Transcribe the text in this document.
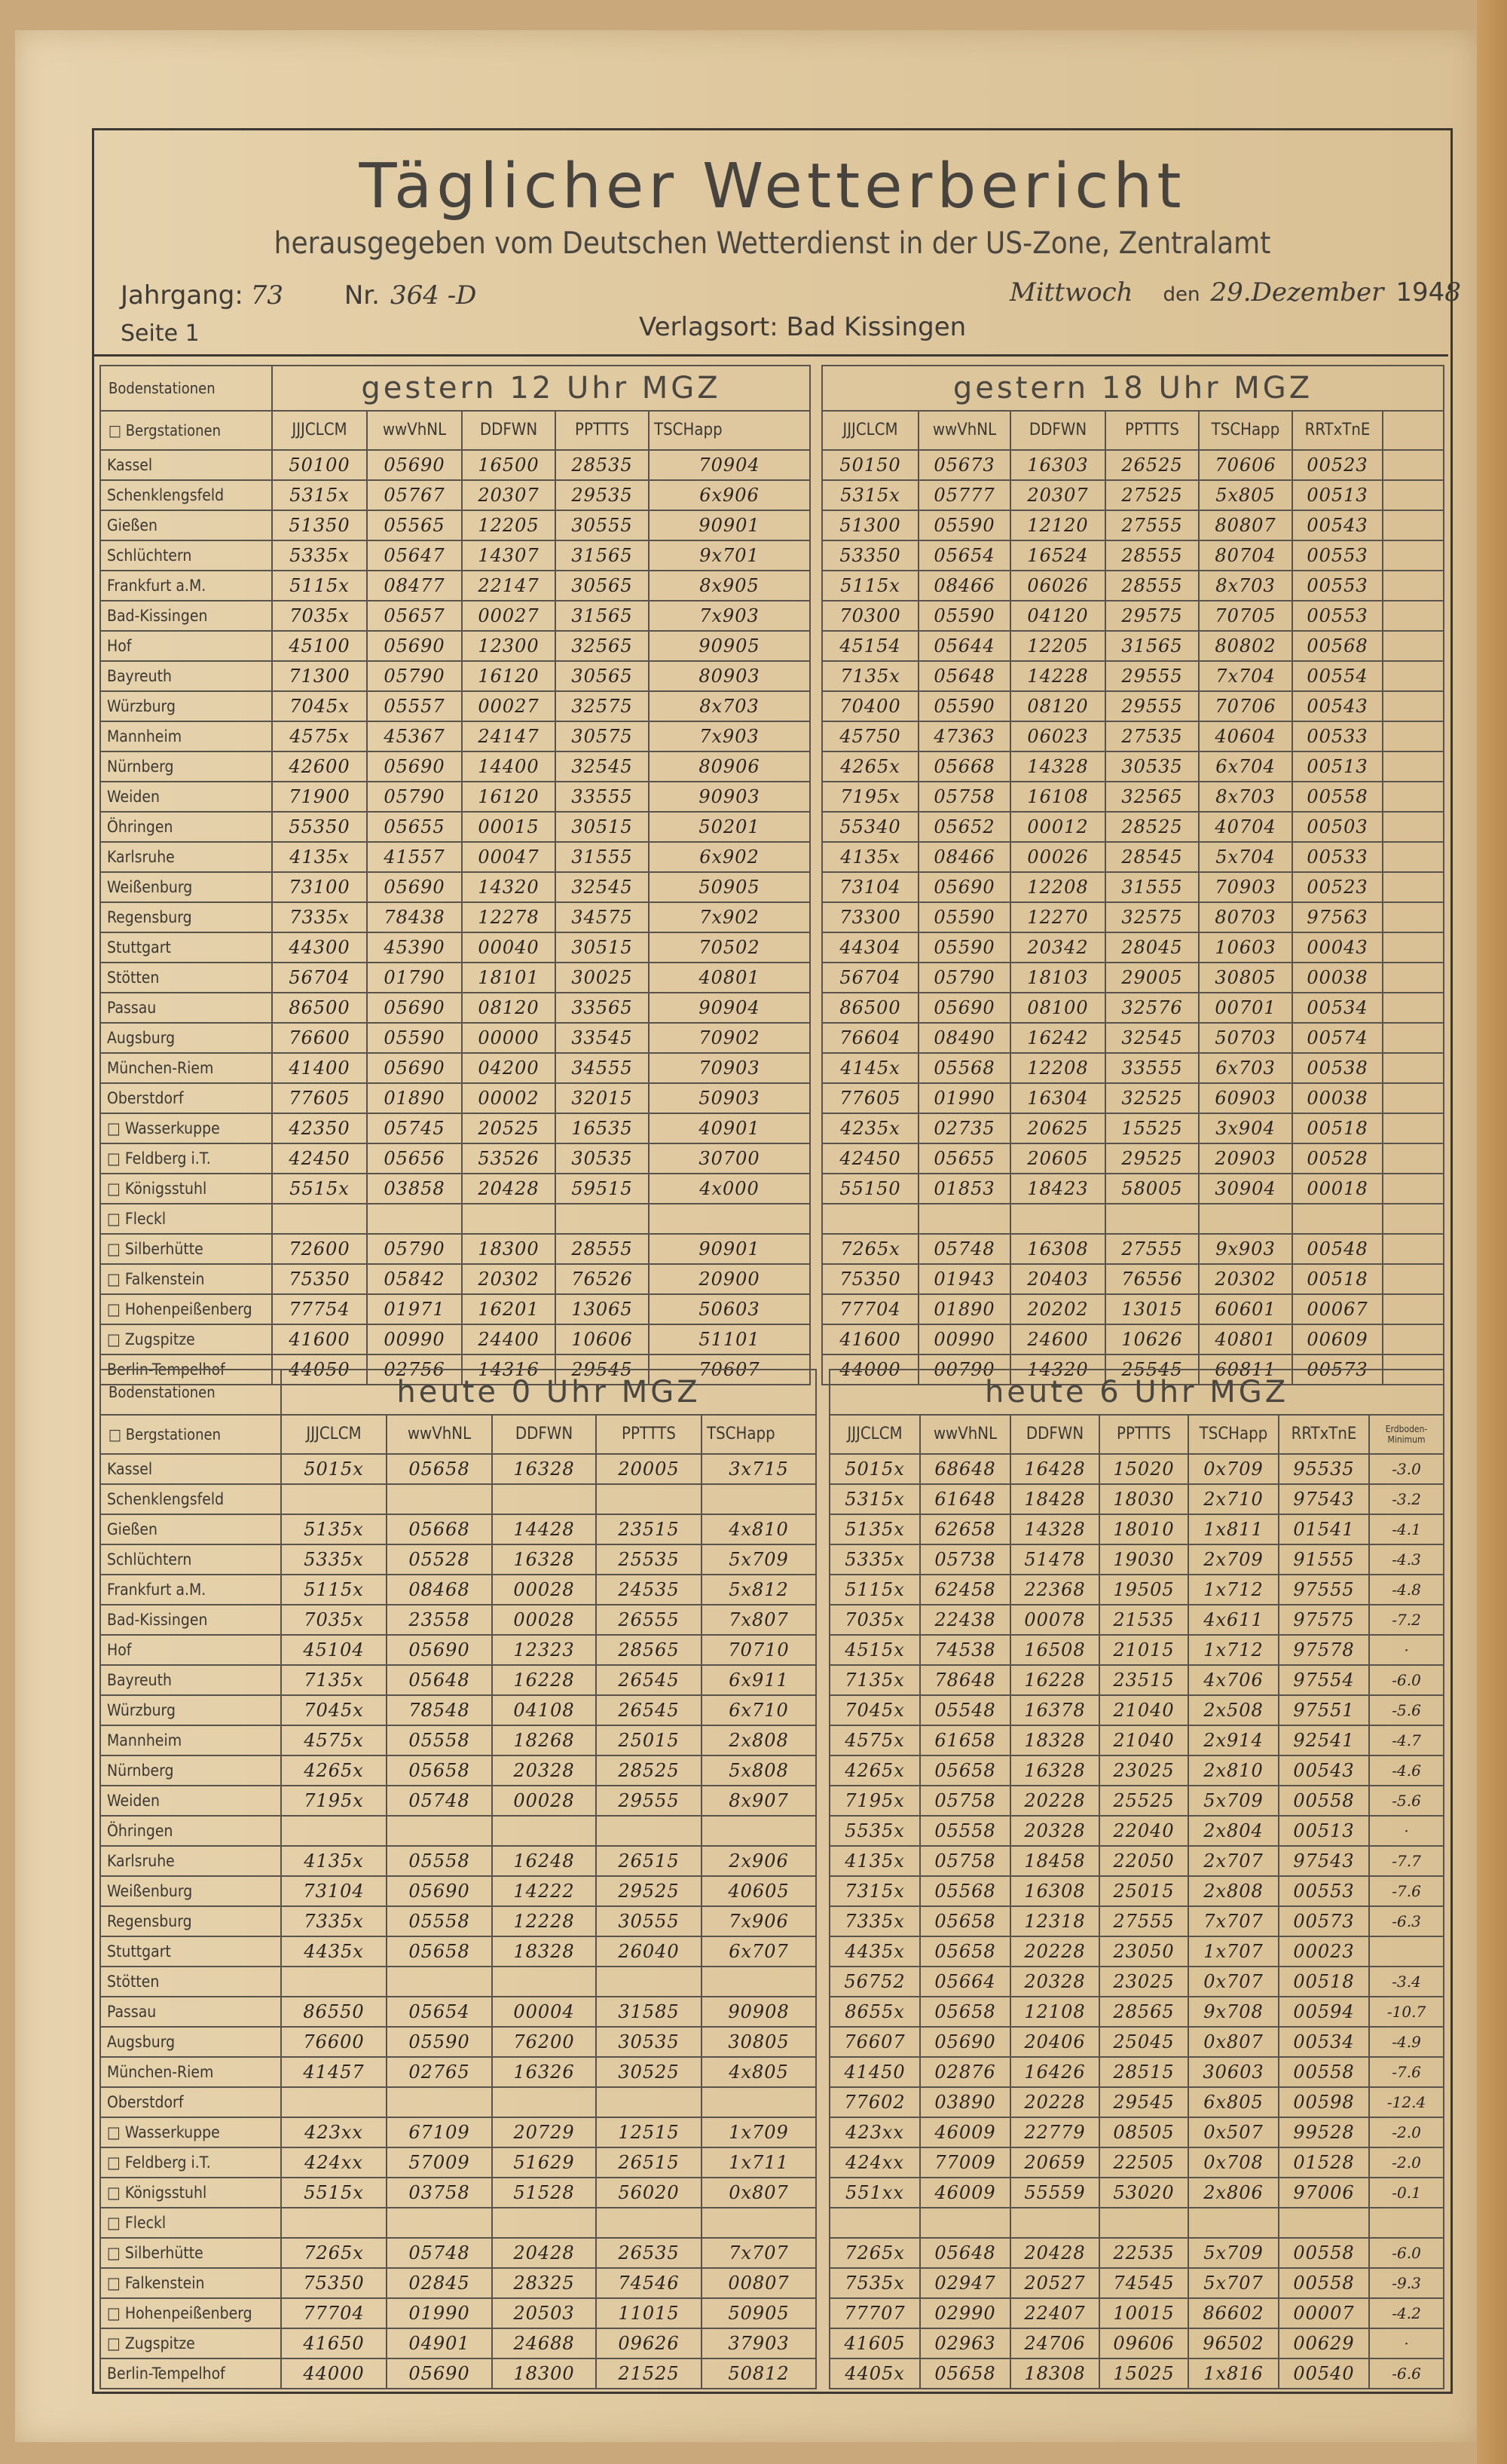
Täglicher Wetterbericht
herausgegeben vom Deutschen Wetterdienst in der US-Zone, Zentralamt
Jahrgang: 73 Nr. 364 -D	Mittwoch den 29.Dezember 1948
Seite 1	Verlagsort: Bad Kissingen
Bodenstationen	gestern 12 Uhr MGZ					
□ Bergstationen	JJJCLCM	wwVhNL	DDFWN	PPTTTS	TSCHapp	
Kassel	50100	05690	16500	28535	70904	
Schenklengsfeld	5315x	05767	20307	29535	6x906	
Gießen	51350	05565	12205	30555	90901	
Schlüchtern	5335x	05647	14307	31565	9x701	
Frankfurt a.M.	5115x	08477	22147	30565	8x905	
Bad-Kissingen	7035x	05657	00027	31565	7x903	
Hof	45100	05690	12300	32565	90905	
Bayreuth	71300	05790	16120	30565	80903	
Würzburg	7045x	05557	00027	32575	8x703	
Mannheim	4575x	45367	24147	30575	7x903	
Nürnberg	42600	05690	14400	32545	80906	
Weiden	71900	05790	16120	33555	90903	
Öhringen	55350	05655	00015	30515	50201	
Karlsruhe	4135x	41557	00047	31555	6x902	
Weißenburg	73100	05690	14320	32545	50905	
Regensburg	7335x	78438	12278	34575	7x902	
Stuttgart	44300	45390	00040	30515	70502	
Stötten	56704	01790	18101	30025	40801	
Passau	86500	05690	08120	33565	90904	
Augsburg	76600	05590	00000	33545	70902	
München-Riem	41400	05690	04200	34555	70903	
Oberstdorf	77605	01890	00002	32015	50903	
□ Wasserkuppe	42350	05745	20525	16535	40901	
□ Feldberg i.T.	42450	05656	53526	30535	30700	
□ Königsstuhl	5515x	03858	20428	59515	4x000	
□ Fleckl						
□ Silberhütte	72600	05790	18300	28555	90901	
□ Falkenstein	75350	05842	20302	76526	20900	
□ Hohenpeißenberg	77754	01971	16201	13065	50603	
□ Zugspitze	41600	00990	24400	10606	51101	
Berlin-Tempelhof	44050	02756	14316	29545	70607	
gestern 18 Uhr MGZ						
JJJCLCM	wwVhNL	DDFWN	PPTTTS	TSCHapp	RRTxTnE	
50150	05673	16303	26525	70606	00523	
5315x	05777	20307	27525	5x805	00513	
51300	05590	12120	27555	80807	00543	
53350	05654	16524	28555	80704	00553	
5115x	08466	06026	28555	8x703	00553	
70300	05590	04120	29575	70705	00553	
45154	05644	12205	31565	80802	00568	
7135x	05648	14228	29555	7x704	00554	
70400	05590	08120	29555	70706	00543	
45750	47363	06023	27535	40604	00533	
4265x	05668	14328	30535	6x704	00513	
7195x	05758	16108	32565	8x703	00558	
55340	05652	00012	28525	40704	00503	
4135x	08466	00026	28545	5x704	00533	
73104	05690	12208	31555	70903	00523	
73300	05590	12270	32575	80703	97563	
44304	05590	20342	28045	10603	00043	
56704	05790	18103	29005	30805	00038	
86500	05690	08100	32576	00701	00534	
76604	08490	16242	32545	50703	00574	
4145x	05568	12208	33555	6x703	00538	
77605	01990	16304	32525	60903	00038	
4235x	02735	20625	15525	3x904	00518	
42450	05655	20605	29525	20903	00528	
55150	01853	18423	58005	30904	00018	

7265x	05748	16308	27555	9x903	00548	
75350	01943	20403	76556	20302	00518	
77704	01890	20202	13015	60601	00067	
41600	00990	24600	10626	40801	00609	
44000	00790	14320	25545	60811	00573	
Bodenstationen	heute 0 Uhr MGZ					
□ Bergstationen	JJJCLCM	wwVhNL	DDFWN	PPTTTS	TSCHapp	
Kassel	5015x	05658	16328	20005	3x715	
Schenklengsfeld						
Gießen	5135x	05668	14428	23515	4x810	
Schlüchtern	5335x	05528	16328	25535	5x709	
Frankfurt a.M.	5115x	08468	00028	24535	5x812	
Bad-Kissingen	7035x	23558	00028	26555	7x807	
Hof	45104	05690	12323	28565	70710	
Bayreuth	7135x	05648	16228	26545	6x911	
Würzburg	7045x	78548	04108	26545	6x710	
Mannheim	4575x	05558	18268	25015	2x808	
Nürnberg	4265x	05658	20328	28525	5x808	
Weiden	7195x	05748	00028	29555	8x907	
Öhringen						
Karlsruhe	4135x	05558	16248	26515	2x906	
Weißenburg	73104	05690	14222	29525	40605	
Regensburg	7335x	05558	12228	30555	7x906	
Stuttgart	4435x	05658	18328	26040	6x707	
Stötten						
Passau	86550	05654	00004	31585	90908	
Augsburg	76600	05590	76200	30535	30805	
München-Riem	41457	02765	16326	30525	4x805	
Oberstdorf						
□ Wasserkuppe	423xx	67109	20729	12515	1x709	
□ Feldberg i.T.	424xx	57009	51629	26515	1x711	
□ Königsstuhl	5515x	03758	51528	56020	0x807	
□ Fleckl						
□ Silberhütte	7265x	05748	20428	26535	7x707	
□ Falkenstein	75350	02845	28325	74546	00807	
□ Hohenpeißenberg	77704	01990	20503	11015	50905	
□ Zugspitze	41650	04901	24688	09626	37903	
Berlin-Tempelhof	44000	05690	18300	21525	50812	
heute 6 Uhr MGZ						
JJJCLCM	wwVhNL	DDFWN	PPTTTS	TSCHapp	RRTxTnE	Erdboden-Minimum
5015x	68648	16428	15020	0x709	95535	-3.0
5315x	61648	18428	18030	2x710	97543	-3.2
5135x	62658	14328	18010	1x811	01541	-4.1
5335x	05738	51478	19030	2x709	91555	-4.3
5115x	62458	22368	19505	1x712	97555	-4.8
7035x	22438	00078	21535	4x611	97575	-7.2
4515x	74538	16508	21015	1x712	97578	·
7135x	78648	16228	23515	4x706	97554	-6.0
7045x	05548	16378	21040	2x508	97551	-5.6
4575x	61658	18328	21040	2x914	92541	-4.7
4265x	05658	16328	23025	2x810	00543	-4.6
7195x	05758	20228	25525	5x709	00558	-5.6
5535x	05558	20328	22040	2x804	00513	·
4135x	05758	18458	22050	2x707	97543	-7.7
7315x	05568	16308	25015	2x808	00553	-7.6
7335x	05658	12318	27555	7x707	00573	-6.3
4435x	05658	20228	23050	1x707	00023	
56752	05664	20328	23025	0x707	00518	-3.4
8655x	05658	12108	28565	9x708	00594	-10.7
76607	05690	20406	25045	0x807	00534	-4.9
41450	02876	16426	28515	30603	00558	-7.6
77602	03890	20228	29545	6x805	00598	-12.4
423xx	46009	22779	08505	0x507	99528	-2.0
424xx	77009	20659	22505	0x708	01528	-2.0
551xx	46009	55559	53020	2x806	97006	-0.1

7265x	05648	20428	22535	5x709	00558	-6.0
7535x	02947	20527	74545	5x707	00558	-9.3
77707	02990	22407	10015	86602	00007	-4.2
41605	02963	24706	09606	96502	00629	·
4405x	05658	18308	15025	1x816	00540	-6.6
